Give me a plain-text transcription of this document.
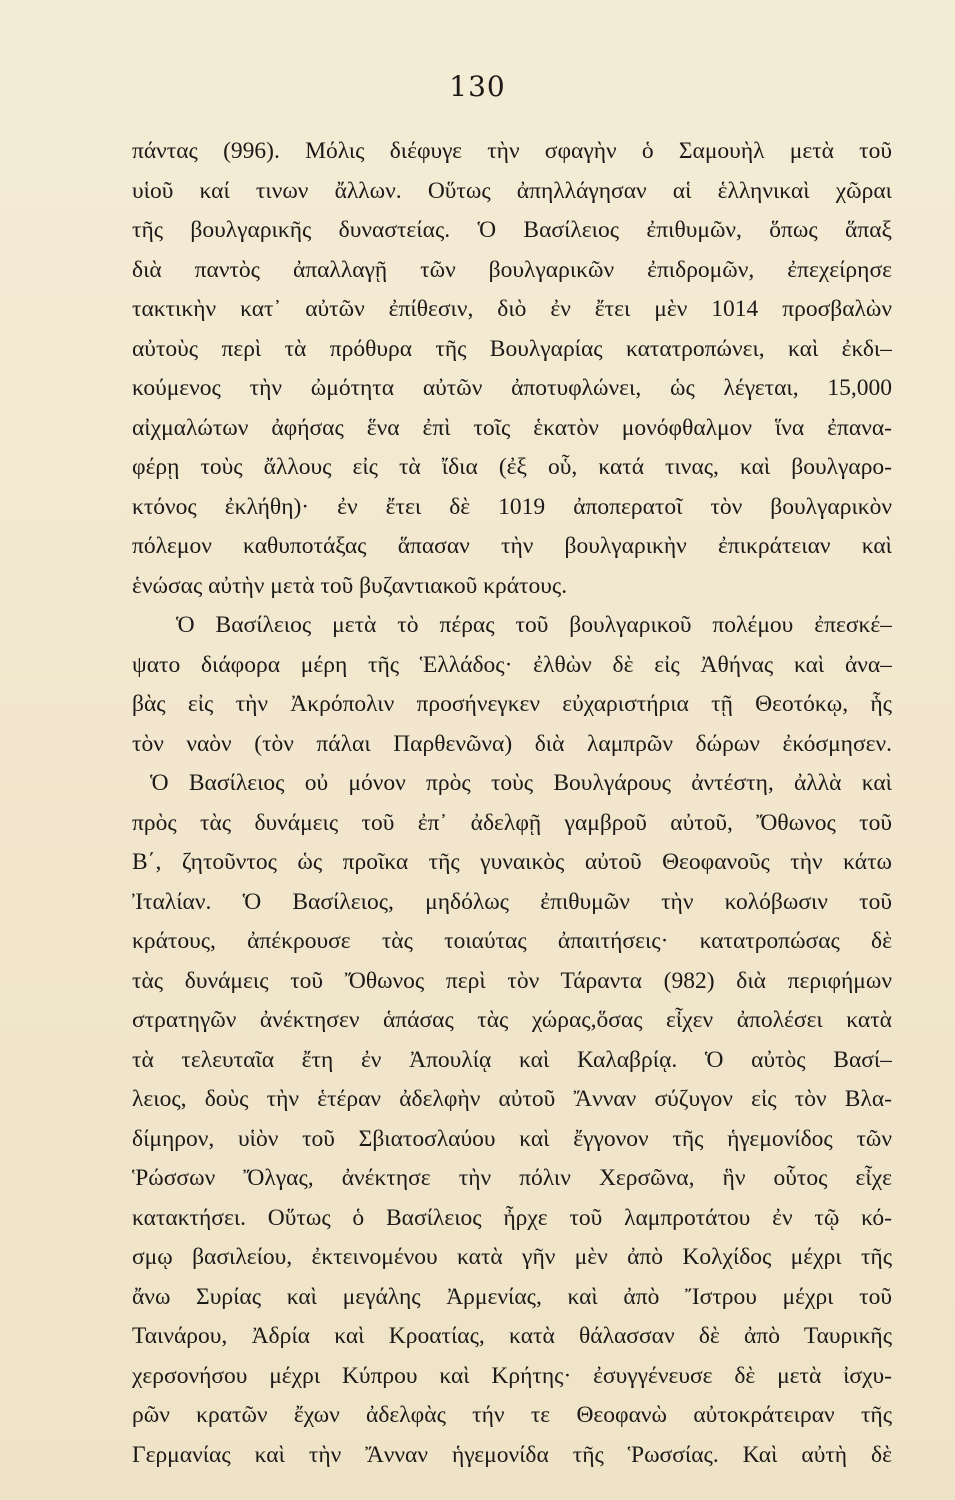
130
πάντας (996). Μόλις διέφυγε τὴν σφαγὴν ὁ Σαμουὴλ μετὰ τοῦ
υἱοῦ καί τινων ἄλλων. Οὕτως ἀπηλλάγησαν αἱ ἑλληνικαὶ χῶραι
τῆς βουλγαρικῆς δυναστείας. Ὁ Βασίλειος ἐπιθυμῶν, ὅπως ἅπαξ
διὰ παντὸς ἀπαλλαγῇ τῶν βουλγαρικῶν ἐπιδρομῶν, ἐπεχείρησε
τακτικὴν κατ᾽ αὐτῶν ἐπίθεσιν, διὸ ἐν ἔτει μὲν 1014 προσβαλὼν
αὐτοὺς περὶ τὰ πρόθυρα τῆς Βουλγαρίας κατατροπώνει, καὶ ἐκδι–
κούμενος τὴν ὠμότητα αὐτῶν ἀποτυφλώνει, ὡς λέγεται, 15,000
αἰχμαλώτων ἀφήσας ἕνα ἐπὶ τοῖς ἑκατὸν μονόφθαλμον ἵνα ἐπανα-
φέρῃ τοὺς ἄλλους εἰς τὰ ἴδια (ἐξ οὗ, κατά τινας, καὶ βουλγαρο-
κτόνος ἐκλήθη)· ἐν ἔτει δὲ 1019 ἀποπερατοῖ τὸν βουλγαρικὸν
πόλεμον καθυποτάξας ἅπασαν τὴν βουλγαρικὴν ἐπικράτειαν καὶ
ἑνώσας αὐτὴν μετὰ τοῦ βυζαντιακοῦ κράτους.
Ὁ Βασίλειος μετὰ τὸ πέρας τοῦ βουλγαρικοῦ πολέμου ἐπεσκέ–
ψατο διάφορα μέρη τῆς Ἑλλάδος· ἐλθὼν δὲ εἰς Ἀθήνας καὶ ἀνα–
βὰς εἰς τὴν Ἀκρόπολιν προσήνεγκεν εὐχαριστήρια τῇ Θεοτόκῳ, ἧς
τὸν ναὸν (τὸν πάλαι Παρθενῶνα) διὰ λαμπρῶν δώρων ἐκόσμησεν.
Ὁ Βασίλειος οὐ μόνον πρὸς τοὺς Βουλγάρους ἀντέστη, ἀλλὰ καὶ
πρὸς τὰς δυνάμεις τοῦ ἐπ᾽ ἀδελφῇ γαμβροῦ αὐτοῦ, Ὄθωνος τοῦ
Β΄, ζητοῦντος ὡς προῖκα τῆς γυναικὸς αὐτοῦ Θεοφανοῦς τὴν κάτω
Ἰταλίαν. Ὁ Βασίλειος, μηδόλως ἐπιθυμῶν τὴν κολόβωσιν τοῦ
κράτους, ἀπέκρουσε τὰς τοιαύτας ἀπαιτήσεις· κατατροπώσας δὲ
τὰς δυνάμεις τοῦ Ὄθωνος περὶ τὸν Τάραντα (982) διὰ περιφήμων
στρατηγῶν ἀνέκτησεν ἁπάσας τὰς χώρας,ὅσας εἶχεν ἀπολέσει κατὰ
τὰ τελευταῖα ἔτη ἐν Ἀπουλίᾳ καὶ Καλαβρίᾳ. Ὁ αὐτὸς Βασί–
λειος, δοὺς τὴν ἑτέραν ἀδελφὴν αὐτοῦ Ἄνναν σύζυγον εἰς τὸν Βλα-
δίμηρον, υἱὸν τοῦ Σβιατοσλαύου καὶ ἔγγονον τῆς ἡγεμονίδος τῶν
Ῥώσσων Ὄλγας, ἀνέκτησε τὴν πόλιν Χερσῶνα, ἣν οὗτος εἶχε
κατακτήσει. Οὕτως ὁ Βασίλειος ἦρχε τοῦ λαμπροτάτου ἐν τῷ κό-
σμῳ βασιλείου, ἐκτεινομένου κατὰ γῆν μὲν ἀπὸ Κολχίδος μέχρι τῆς
ἄνω Συρίας καὶ μεγάλης Ἀρμενίας, καὶ ἀπὸ Ἴστρου μέχρι τοῦ
Ταινάρου, Ἀδρία καὶ Κροατίας, κατὰ θάλασσαν δὲ ἀπὸ Ταυρικῆς
χερσονήσου μέχρι Κύπρου καὶ Κρήτης· ἐσυγγένευσε δὲ μετὰ ἰσχυ-
ρῶν κρατῶν ἔχων ἀδελφὰς τήν τε Θεοφανὼ αὐτοκράτειραν τῆς
Γερμανίας καὶ τὴν Ἄνναν ἡγεμονίδα τῆς Ῥωσσίας. Καὶ αὐτὴ δὲ
